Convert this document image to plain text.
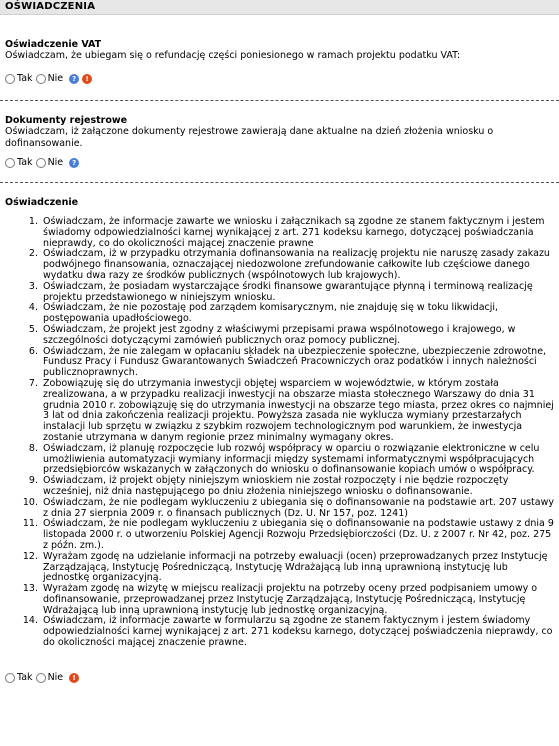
OŚWIADCZENIA
Oświadczenie VAT
Oświadczam, że ubiegam się o refundację części poniesionego w ramach projektu podatku VAT:
Tak Nie	?	!
Dokumenty rejestrowe
Oświadczam, iż załączone dokumenty rejestrowe zawierają dane aktualne na dzień złożenia wniosku o dofinansowanie.
Tak Nie	?
Oświadczenie
1. Oświadczam, że informacje zawarte we wniosku i załącznikach są zgodne ze stanem faktycznym i jestem świadomy odpowiedzialności karnej wynikającej z art. 271 kodeksu karnego, dotyczącej poświadczania nieprawdy, co do okoliczności mającej znaczenie prawne
2. Oświadczam, iż w przypadku otrzymania dofinansowania na realizację projektu nie naruszę zasady zakazu podwójnego finansowania, oznaczającej niedozwolone zrefundowanie całkowite lub częściowe danego wydatku dwa razy ze środków publicznych (wspólnotowych lub krajowych).
3. Oświadczam, że posiadam wystarczające środki finansowe gwarantujące płynną i terminową realizację projektu przedstawionego w niniejszym wniosku.
4. Oświadczam, że nie pozostaję pod zarządem komisarycznym, nie znajduję się w toku likwidacji, postępowania upadłościowego.
5. Oświadczam, że projekt jest zgodny z właściwymi przepisami prawa wspólnotowego i krajowego, w szczególności dotyczącymi zamówień publicznych oraz pomocy publicznej.
6. Oświadczam, że nie zalegam w opłacaniu składek na ubezpieczenie społeczne, ubezpieczenie zdrowotne, Fundusz Pracy i Fundusz Gwarantowanych Świadczeń Pracowniczych oraz podatków i innych należności publicznoprawnych.
7. Zobowiązuję się do utrzymania inwestycji objętej wsparciem w województwie, w którym została zrealizowana, a w przypadku realizacji inwestycji na obszarze miasta stołecznego Warszawy do dnia 31 grudnia 2010 r. zobowiązuję się do utrzymania inwestycji na obszarze tego miasta, przez okres co najmniej 3 lat od dnia zakończenia realizacji projektu. Powyższa zasada nie wyklucza wymiany przestarzałych instalacji lub sprzętu w związku z szybkim rozwojem technologicznym pod warunkiem, że inwestycja zostanie utrzymana w danym regionie przez minimalny wymagany okres.
8. Oświadczam, iż planuję rozpoczęcie lub rozwój współpracy w oparciu o rozwiązanie elektroniczne w celu umożliwienia automatyzacji wymiany informacji między systemami informatycznymi współpracujących przedsiębiorców wskazanych w załączonych do wniosku o dofinansowanie kopiach umów o współpracy.
9. Oświadczam, iż projekt objęty niniejszym wnioskiem nie został rozpoczęty i nie będzie rozpoczęty wcześniej, niż dnia następującego po dniu złożenia niniejszego wniosku o dofinansowanie.
10. Oświadczam, że nie podlegam wykluczeniu z ubiegania się o dofinansowanie na podstawie art. 207 ustawy z dnia 27 sierpnia 2009 r. o finansach publicznych (Dz. U. Nr 157, poz. 1241)
11. Oświadczam, że nie podlegam wykluczeniu z ubiegania się o dofinansowanie na podstawie ustawy z dnia 9 listopada 2000 r. o utworzeniu Polskiej Agencji Rozwoju Przedsiębiorczości (Dz. U. z 2007 r. Nr 42, poz. 275 z późn. zm.).
12. Wyrażam zgodę na udzielanie informacji na potrzeby ewaluacji (ocen) przeprowadzanych przez Instytucję Zarządzającą, Instytucję Pośredniczącą, Instytucję Wdrażającą lub inną uprawnioną instytucję lub jednostkę organizacyjną.
13. Wyrażam zgodę na wizytę w miejscu realizacji projektu na potrzeby oceny przed podpisaniem umowy o dofinansowanie, przeprowadzanej przez Instytucję Zarządzającą, Instytucję Pośredniczącą, Instytucję Wdrażającą lub inną uprawnioną instytucję lub jednostkę organizacyjną.
14. Oświadczam, iż informacje zawarte w formularzu są zgodne ze stanem faktycznym i jestem świadomy odpowiedzialności karnej wynikającej z art. 271 kodeksu karnego, dotyczącej poświadczenia nieprawdy, co do okoliczności mającej znaczenie prawne.
Tak Nie	!
